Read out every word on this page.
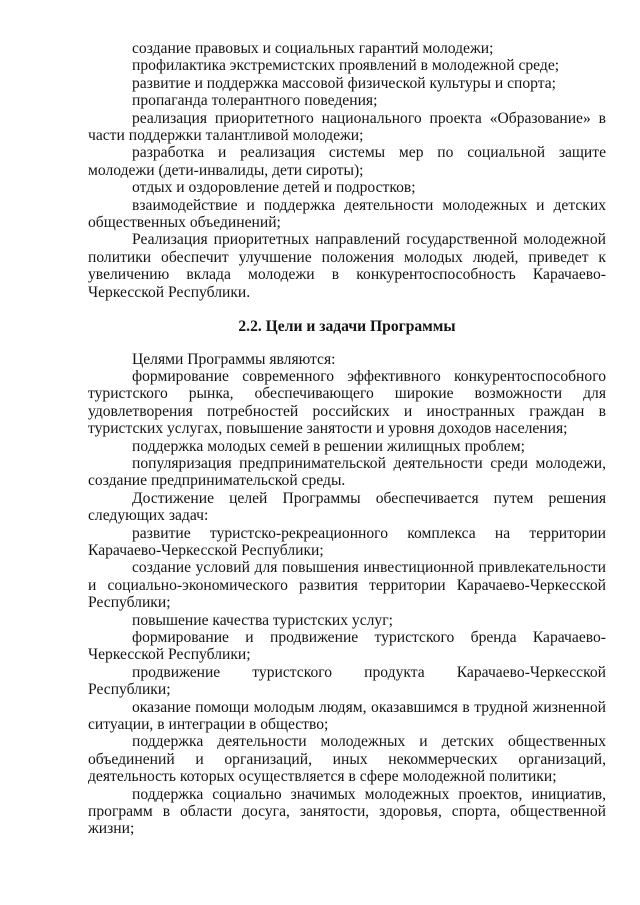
создание правовых и социальных гарантий молодежи;

профилактика экстремистских проявлений в молодежной среде;

развитие и поддержка массовой физической культуры и спорта;

пропаганда толерантного поведения;

реализация приоритетного национального проекта «Образование» в части поддержки талантливой молодежи;

разработка и реализация системы мер по социальной защите молодежи (дети-инвалиды, дети сироты);

отдых и оздоровление детей и подростков;

взаимодействие и поддержка деятельности молодежных и детских общественных объединений;

Реализация приоритетных направлений государственной молодежной политики обеспечит улучшение положения молодых людей, приведет к увеличению вклада молодежи в конкурентоспособность Карачаево-Черкесской Республики.

2.2. Цели и задачи Программы

Целями Программы являются:

формирование современного эффективного конкурентоспособного туристского рынка, обеспечивающего широкие возможности для удовлетворения потребностей российских и иностранных граждан в туристских услугах, повышение занятости и уровня доходов населения;

поддержка молодых семей в решении жилищных проблем;

популяризация предпринимательской деятельности среди молодежи, создание предпринимательской среды.

Достижение целей Программы обеспечивается путем решения следующих задач:

развитие туристско-рекреационного комплекса на территории Карачаево-Черкесской Республики;

создание условий для повышения инвестиционной привлекательности и социально-экономического развития территории Карачаево-Черкесской Республики;

повышение качества туристских услуг;

формирование и продвижение туристского бренда Карачаево-Черкесской Республики;

продвижение туристского продукта Карачаево-Черкесской Республики;

оказание помощи молодым людям, оказавшимся в трудной жизненной ситуации, в интеграции в общество;

поддержка деятельности молодежных и детских общественных объединений и организаций, иных некоммерческих организаций, деятельность которых осуществляется в сфере молодежной политики;

поддержка социально значимых молодежных проектов, инициатив, программ в области досуга, занятости, здоровья, спорта, общественной жизни;
